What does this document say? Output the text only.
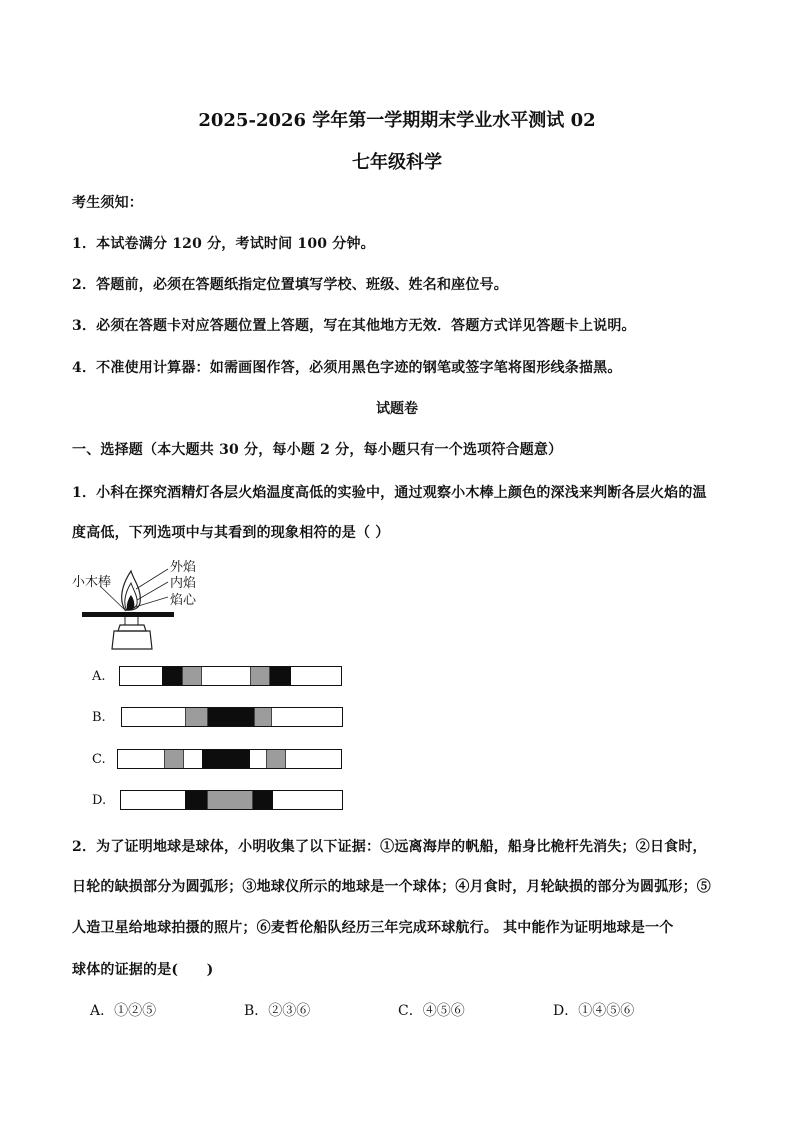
2025-2026 学年第一学期期末学业水平测试 02
七年级科学
考生须知：
1．本试卷满分 120 分，考试时间 100 分钟。
2．答题前，必须在答题纸指定位置填写学校、班级、姓名和座位号。
3．必须在答题卡对应答题位置上答题，写在其他地方无效．答题方式详见答题卡上说明。
4．不准使用计算器：如需画图作答，必须用黑色字迹的钢笔或签字笔将图形线条描黑。
试题卷
一、选择题（本大题共 30 分，每小题 2 分，每小题只有一个选项符合题意）
1．小科在探究酒精灯各层火焰温度高低的实验中，通过观察小木棒上颜色的深浅来判断各层火焰的温
度高低，下列选项中与其看到的现象相符的是（ ）
小木棒
外焰
内焰
焰心
A.
B.
C.
D.
2．为了证明地球是球体，小明收集了以下证据：①远离海岸的帆船，船身比桅杆先消失；②日食时，
日轮的缺损部分为圆弧形；③地球仪所示的地球是一个球体；④月食时，月轮缺损的部分为圆弧形；⑤
人造卫星给地球拍摄的照片；⑥麦哲伦船队经历三年完成环球航行。 其中能作为证明地球是一个
球体的证据的是(　　)
A．①②⑤	B．②③⑥	C．④⑤⑥	D．①④⑤⑥
